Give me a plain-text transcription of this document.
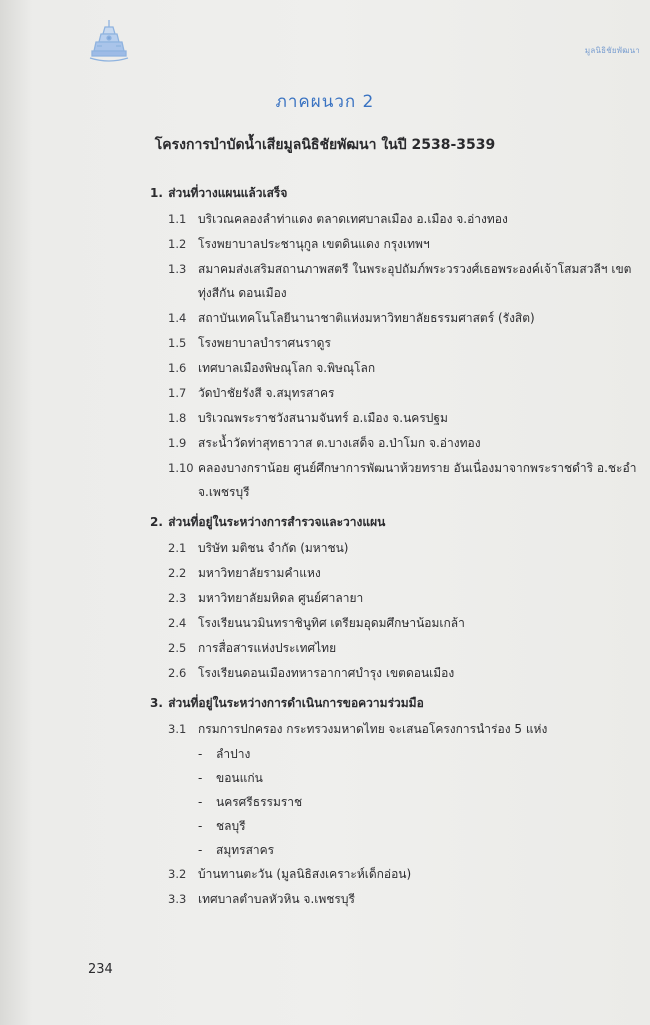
มูลนิธิชัยพัฒนา
ภาคผนวก 2
โครงการบำบัดน้ำเสียมูลนิธิชัยพัฒนา ในปี 2538-3539
1. ส่วนที่วางแผนแล้วเสร็จ
1.1 บริเวณคลองลำท่าแดง ตลาดเทศบาลเมือง อ.เมือง จ.อ่างทอง
1.2 โรงพยาบาลประชานุกูล เขตดินแดง กรุงเทพฯ
1.3 สมาคมส่งเสริมสถานภาพสตรี ในพระอุปถัมภ์พระวรวงศ์เธอพระองค์เจ้าโสมสวลีฯ เขตทุ่งสีกัน ดอนเมือง
1.4 สถาบันเทคโนโลยีนานาชาติแห่งมหาวิทยาลัยธรรมศาสตร์ (รังสิต)
1.5 โรงพยาบาลบำราศนราดูร
1.6 เทศบาลเมืองพิษณุโลก จ.พิษณุโลก
1.7 วัดป่าชัยรังสี จ.สมุทรสาคร
1.8 บริเวณพระราชวังสนามจันทร์ อ.เมือง จ.นครปฐม
1.9 สระน้ำวัดท่าสุทธาวาส ต.บางเสด็จ อ.ป่าโมก จ.อ่างทอง
1.10 คลองบางกราน้อย ศูนย์ศึกษาการพัฒนาห้วยทราย อันเนื่องมาจากพระราชดำริ อ.ชะอำ จ.เพชรบุรี
2. ส่วนที่อยู่ในระหว่างการสำรวจและวางแผน
2.1 บริษัท มติชน จำกัด (มหาชน)
2.2 มหาวิทยาลัยรามคำแหง
2.3 มหาวิทยาลัยมหิดล ศูนย์ศาลายา
2.4 โรงเรียนนวมินทราชินูทิศ เตรียมอุดมศึกษาน้อมเกล้า
2.5 การสื่อสารแห่งประเทศไทย
2.6 โรงเรียนดอนเมืองทหารอากาศบำรุง เขตดอนเมือง
3. ส่วนที่อยู่ในระหว่างการดำเนินการขอความร่วมมือ
3.1 กรมการปกครอง กระทรวงมหาดไทย จะเสนอโครงการนำร่อง 5 แห่ง
- ลำปาง
- ขอนแก่น
- นครศรีธรรมราช
- ชลบุรี
- สมุทรสาคร
3.2 บ้านทานตะวัน (มูลนิธิสงเคราะห์เด็กอ่อน)
3.3 เทศบาลตำบลหัวหิน จ.เพชรบุรี
234
